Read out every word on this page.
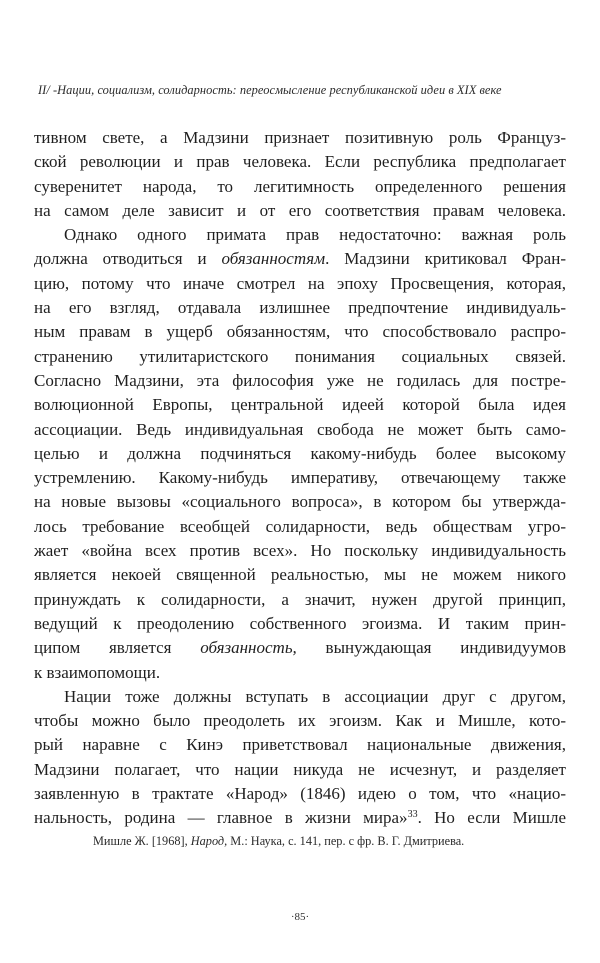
II/ -Нации, социализм, солидарность: переосмысление республиканской идеи в XIX веке

тивном свете, а Мадзини признает позитивную роль Француз-
ской революции и прав человека. Если республика предполагает
суверенитет народа, то легитимность определенного решения
на самом деле зависит и от его соответствия правам человека.

Однако одного примата прав недостаточно: важная роль
должна отводиться и обязанностям. Мадзини критиковал Фран-
цию, потому что иначе смотрел на эпоху Просвещения, которая,
на его взгляд, отдавала излишнее предпочтение индивидуаль-
ным правам в ущерб обязанностям, что способствовало распро-
странению утилитаристского понимания социальных связей.
Согласно Мадзини, эта философия уже не годилась для постре-
волюционной Европы, центральной идеей которой была идея
ассоциации. Ведь индивидуальная свобода не может быть само-
целью и должна подчиняться какому-нибудь более высокому
устремлению. Какому-нибудь императиву, отвечающему также
на новые вызовы «социального вопроса», в котором бы утвержда-
лось требование всеобщей солидарности, ведь обществам угро-
жает «война всех против всех». Но поскольку индивидуальность
является некоей священной реальностью, мы не можем никого
принуждать к солидарности, а значит, нужен другой принцип,
ведущий к преодолению собственного эгоизма. И таким прин-
ципом является обязанность, вынуждающая индивидуумов
к взаимопомощи.

Нации тоже должны вступать в ассоциации друг с другом,
чтобы можно было преодолеть их эгоизм. Как и Мишле, кото-
рый наравне с Кинэ приветствовал национальные движения,
Мадзини полагает, что нации никуда не исчезнут, и разделяет
заявленную в трактате «Народ» (1846) идею о том, что «нацио-
нальность, родина — главное в жизни мира»$^{33}$. Но если Мишле

Мишле Ж. [1968], Народ, М.: Наука, с. 141, пер. с фр. В. Г. Дмитриева.
·85·
